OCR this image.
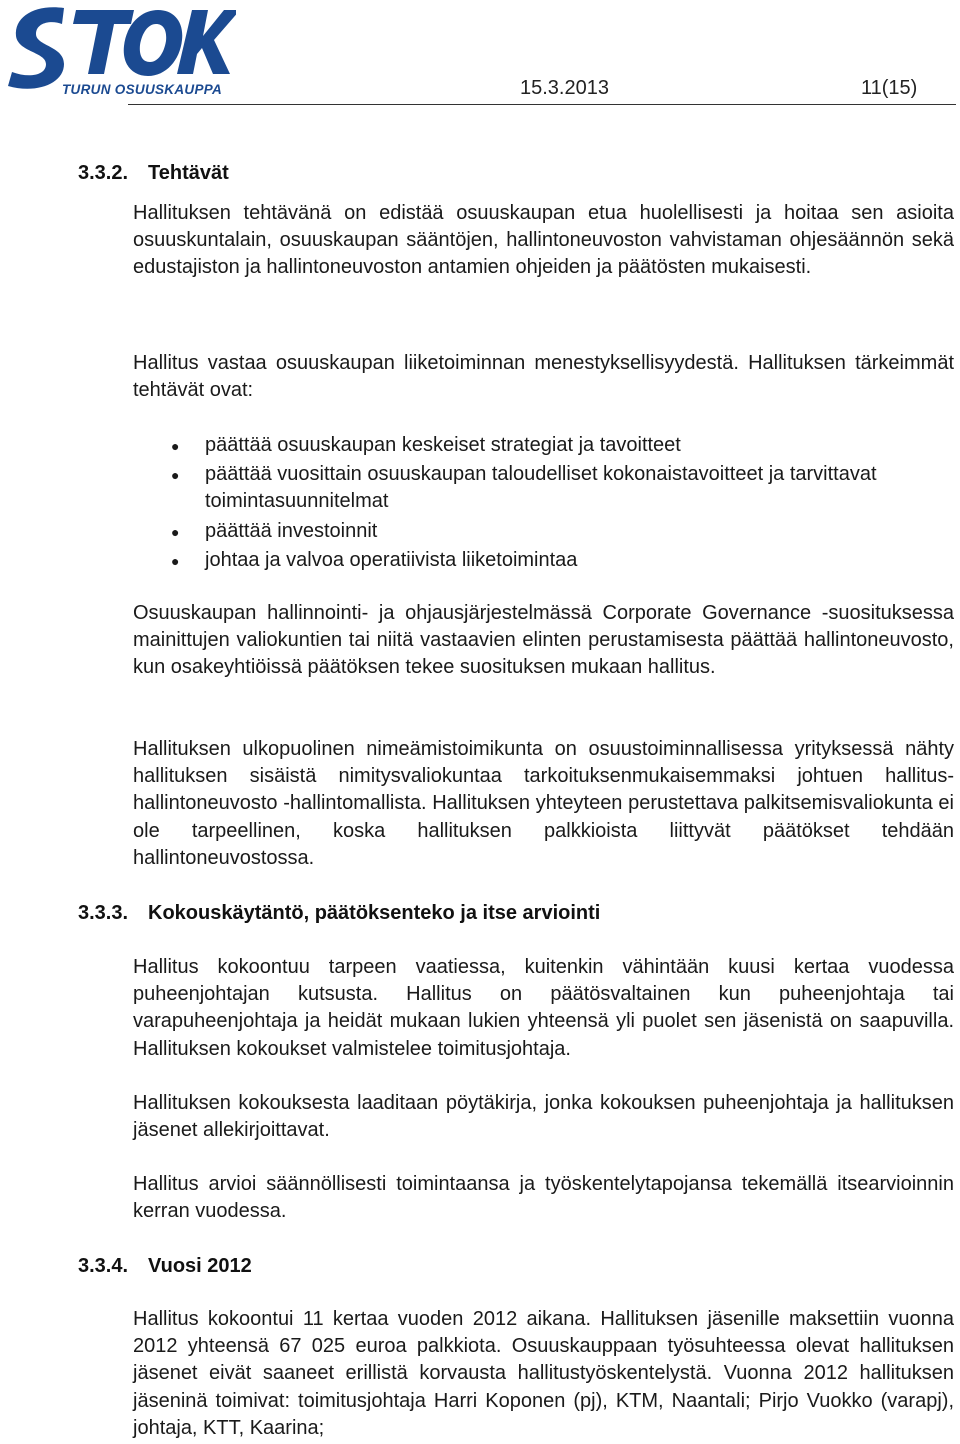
TURUN OSUUSKAUPPA	15.3.2013	11(15)
3.3.2. Tehtävät

Hallituksen tehtävänä on edistää osuuskaupan etua huolellisesti ja hoitaa sen asioita osuuskuntalain, osuuskaupan sääntöjen, hallintoneuvoston vahvistaman ohjesäännön sekä edustajiston ja hallintoneuvoston antamien ohjeiden ja päätösten mukaisesti.

Hallitus vastaa osuuskaupan liiketoiminnan menestyksellisyydestä. Hallituksen tärkeimmät tehtävät ovat:

● päättää osuuskaupan keskeiset strategiat ja tavoitteet
● päättää vuosittain osuuskaupan taloudelliset kokonaistavoitteet ja tarvittavat toimintasuunnitelmat
● päättää investoinnit
● johtaa ja valvoa operatiivista liiketoimintaa

Osuuskaupan hallinnointi- ja ohjausjärjestelmässä Corporate Governance -suosituksessa mainittujen valiokuntien tai niitä vastaavien elinten perustamisesta päättää hallintoneuvosto, kun osakeyhtiöissä päätöksen tekee suosituksen mukaan hallitus.

Hallituksen ulkopuolinen nimeämistoimikunta on osuustoiminnallisessa yrityksessä nähty hallituksen sisäistä nimitysvaliokuntaa tarkoituksenmukaisemmaksi johtuen hallitus-hallintoneuvosto -hallintomallista. Hallituksen yhteyteen perustettava palkitsemisvaliokunta ei ole tarpeellinen, koska hallituksen palkkioista liittyvät päätökset tehdään hallintoneuvostossa.

3.3.3. Kokouskäytäntö, päätöksenteko ja itse arviointi

Hallitus kokoontuu tarpeen vaatiessa, kuitenkin vähintään kuusi kertaa vuodessa puheenjohtajan kutsusta. Hallitus on päätösvaltainen kun puheenjohtaja tai varapuheenjohtaja ja heidät mukaan lukien yhteensä yli puolet sen jäsenistä on saapuvilla. Hallituksen kokoukset valmistelee toimitusjohtaja.

Hallituksen kokouksesta laaditaan pöytäkirja, jonka kokouksen puheenjohtaja ja hallituksen jäsenet allekirjoittavat.

Hallitus arvioi säännöllisesti toimintaansa ja työskentelytapojansa tekemällä itsearvioinnin kerran vuodessa.

3.3.4. Vuosi 2012

Hallitus kokoontui 11 kertaa vuoden 2012 aikana. Hallituksen jäsenille maksettiin vuonna 2012 yhteensä 67 025 euroa palkkiota. Osuuskauppaan työsuhteessa olevat hallituksen jäsenet eivät saaneet erillistä korvausta hallitustyöskentelystä. Vuonna 2012 hallituksen jäseninä toimivat: toimitusjohtaja Harri Koponen (pj), KTM, Naantali; Pirjo Vuokko (varapj), johtaja, KTT, Kaarina;
